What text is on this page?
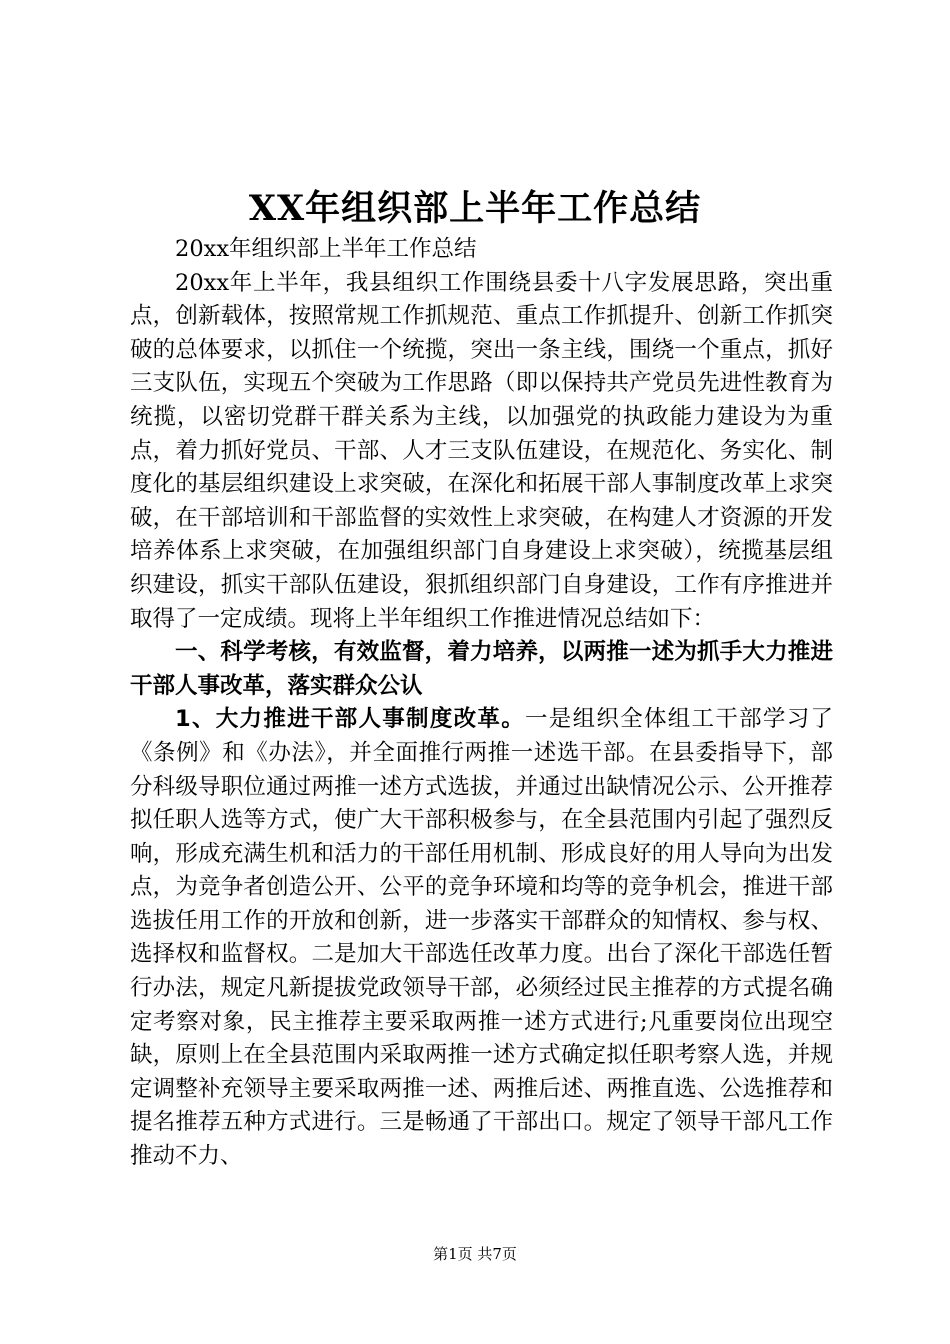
XX年组织部上半年工作总结

20xx年组织部上半年工作总结

20xx年上半年，我县组织工作围绕县委十八字发展思路，突出重点，创新载体，按照常规工作抓规范、重点工作抓提升、创新工作抓突破的总体要求，以抓住一个统揽，突出一条主线，围绕一个重点，抓好三支队伍，实现五个突破为工作思路（即以保持共产党员先进性教育为统揽，以密切党群干群关系为主线，以加强党的执政能力建设为为重点，着力抓好党员、干部、人才三支队伍建设，在规范化、务实化、制度化的基层组织建设上求突破，在深化和拓展干部人事制度改革上求突破，在干部培训和干部监督的实效性上求突破，在构建人才资源的开发培养体系上求突破，在加强组织部门自身建设上求突破），统揽基层组织建设，抓实干部队伍建设，狠抓组织部门自身建设，工作有序推进并取得了一定成绩。现将上半年组织工作推进情况总结如下：

一、科学考核，有效监督，着力培养，以两推一述为抓手大力推进干部人事改革，落实群众公认

1、大力推进干部人事制度改革。一是组织全体组工干部学习了《条例》和《办法》，并全面推行两推一述选干部。在县委指导下，部分科级导职位通过两推一述方式选拔，并通过出缺情况公示、公开推荐拟任职人选等方式，使广大干部积极参与，在全县范围内引起了强烈反响，形成充满生机和活力的干部任用机制、形成良好的用人导向为出发点，为竞争者创造公开、公平的竞争环境和均等的竞争机会，推进干部选拔任用工作的开放和创新，进一步落实干部群众的知情权、参与权、选择权和监督权。二是加大干部选任改革力度。出台了深化干部选任暂行办法，规定凡新提拔党政领导干部，必须经过民主推荐的方式提名确定考察对象，民主推荐主要采取两推一述方式进行;凡重要岗位出现空缺，原则上在全县范围内采取两推一述方式确定拟任职考察人选，并规定调整补充领导主要采取两推一述、两推后述、两推直选、公选推荐和提名推荐五种方式进行。三是畅通了干部出口。规定了领导干部凡工作推动不力、

第1页 共7页
